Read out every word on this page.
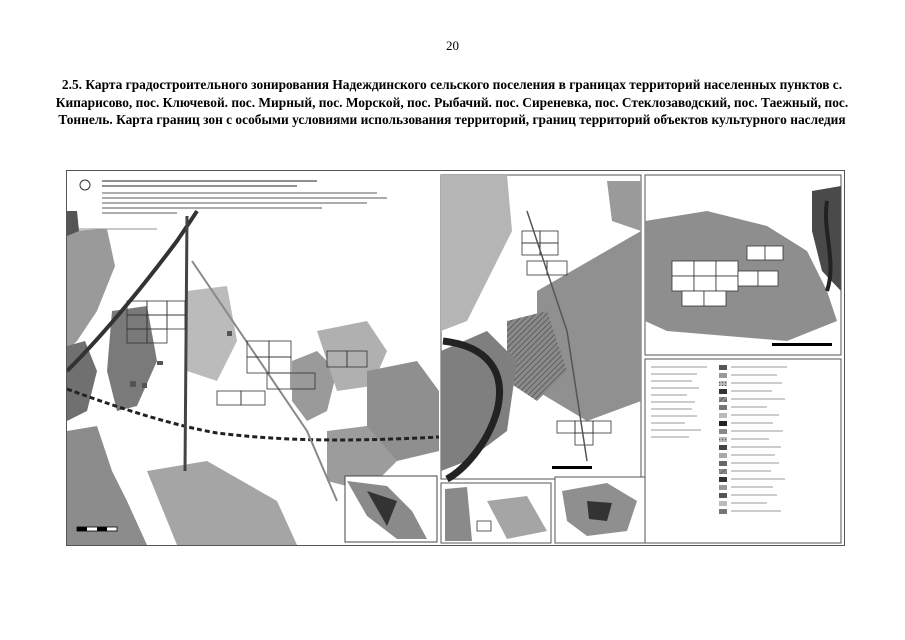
20
2.5. Карта градостроительного зонирования Надеждинского сельского поселения в границах территорий населенных пунктов с. Кипарисово, пос. Ключевой. пос. Мирный, пос. Морской, пос. Рыбачий. пос. Сиреневка, пос. Стеклозаводский, пос. Таежный, пос. Тоннель. Карта границ зон с особыми условиями использования территорий, границ территорий объектов культурного наследия
